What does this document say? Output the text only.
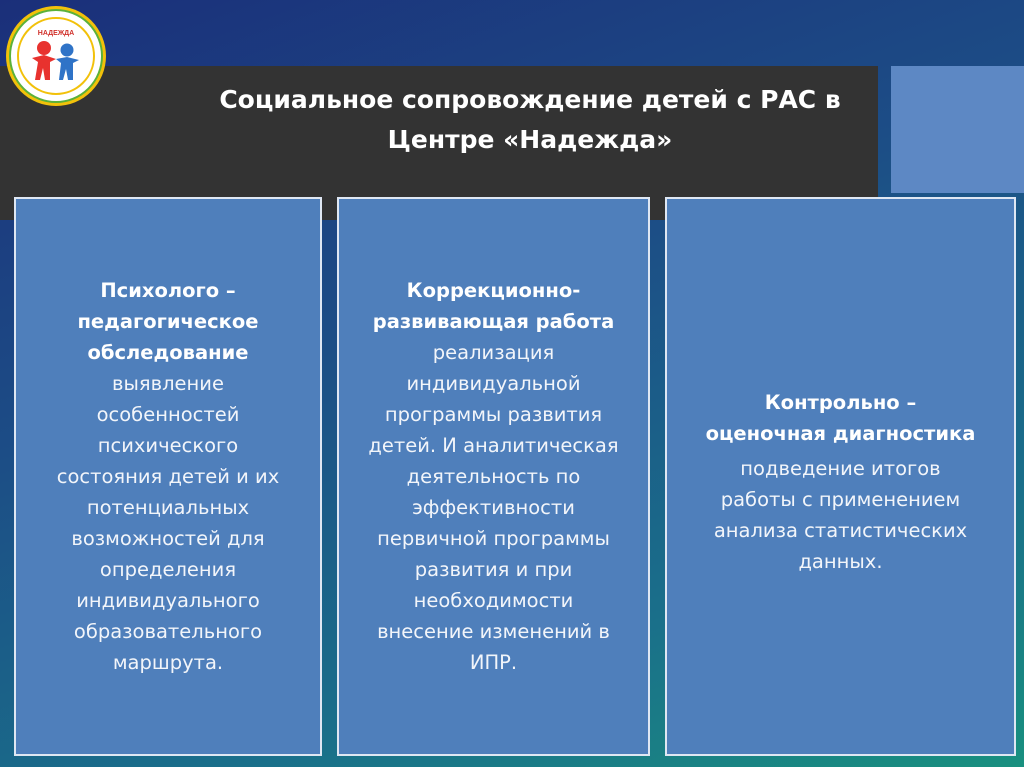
НАДЕЖДА
Социальное сопровождение детей с РАС в
Центре «Надежда»
Психолого –
педагогическое
обследование
выявление
особенностей
психического
состояния детей и их
потенциальных
возможностей для
определения
индивидуального
образовательного
маршрута.
Коррекционно-
развивающая работа
реализация
индивидуальной
программы развития
детей. И аналитическая
деятельность по
эффективности
первичной программы
развития и при
необходимости
внесение изменений в
ИПР.
Контрольно –
оценочная диагностика
подведение итогов
работы с применением
анализа статистических
данных.
